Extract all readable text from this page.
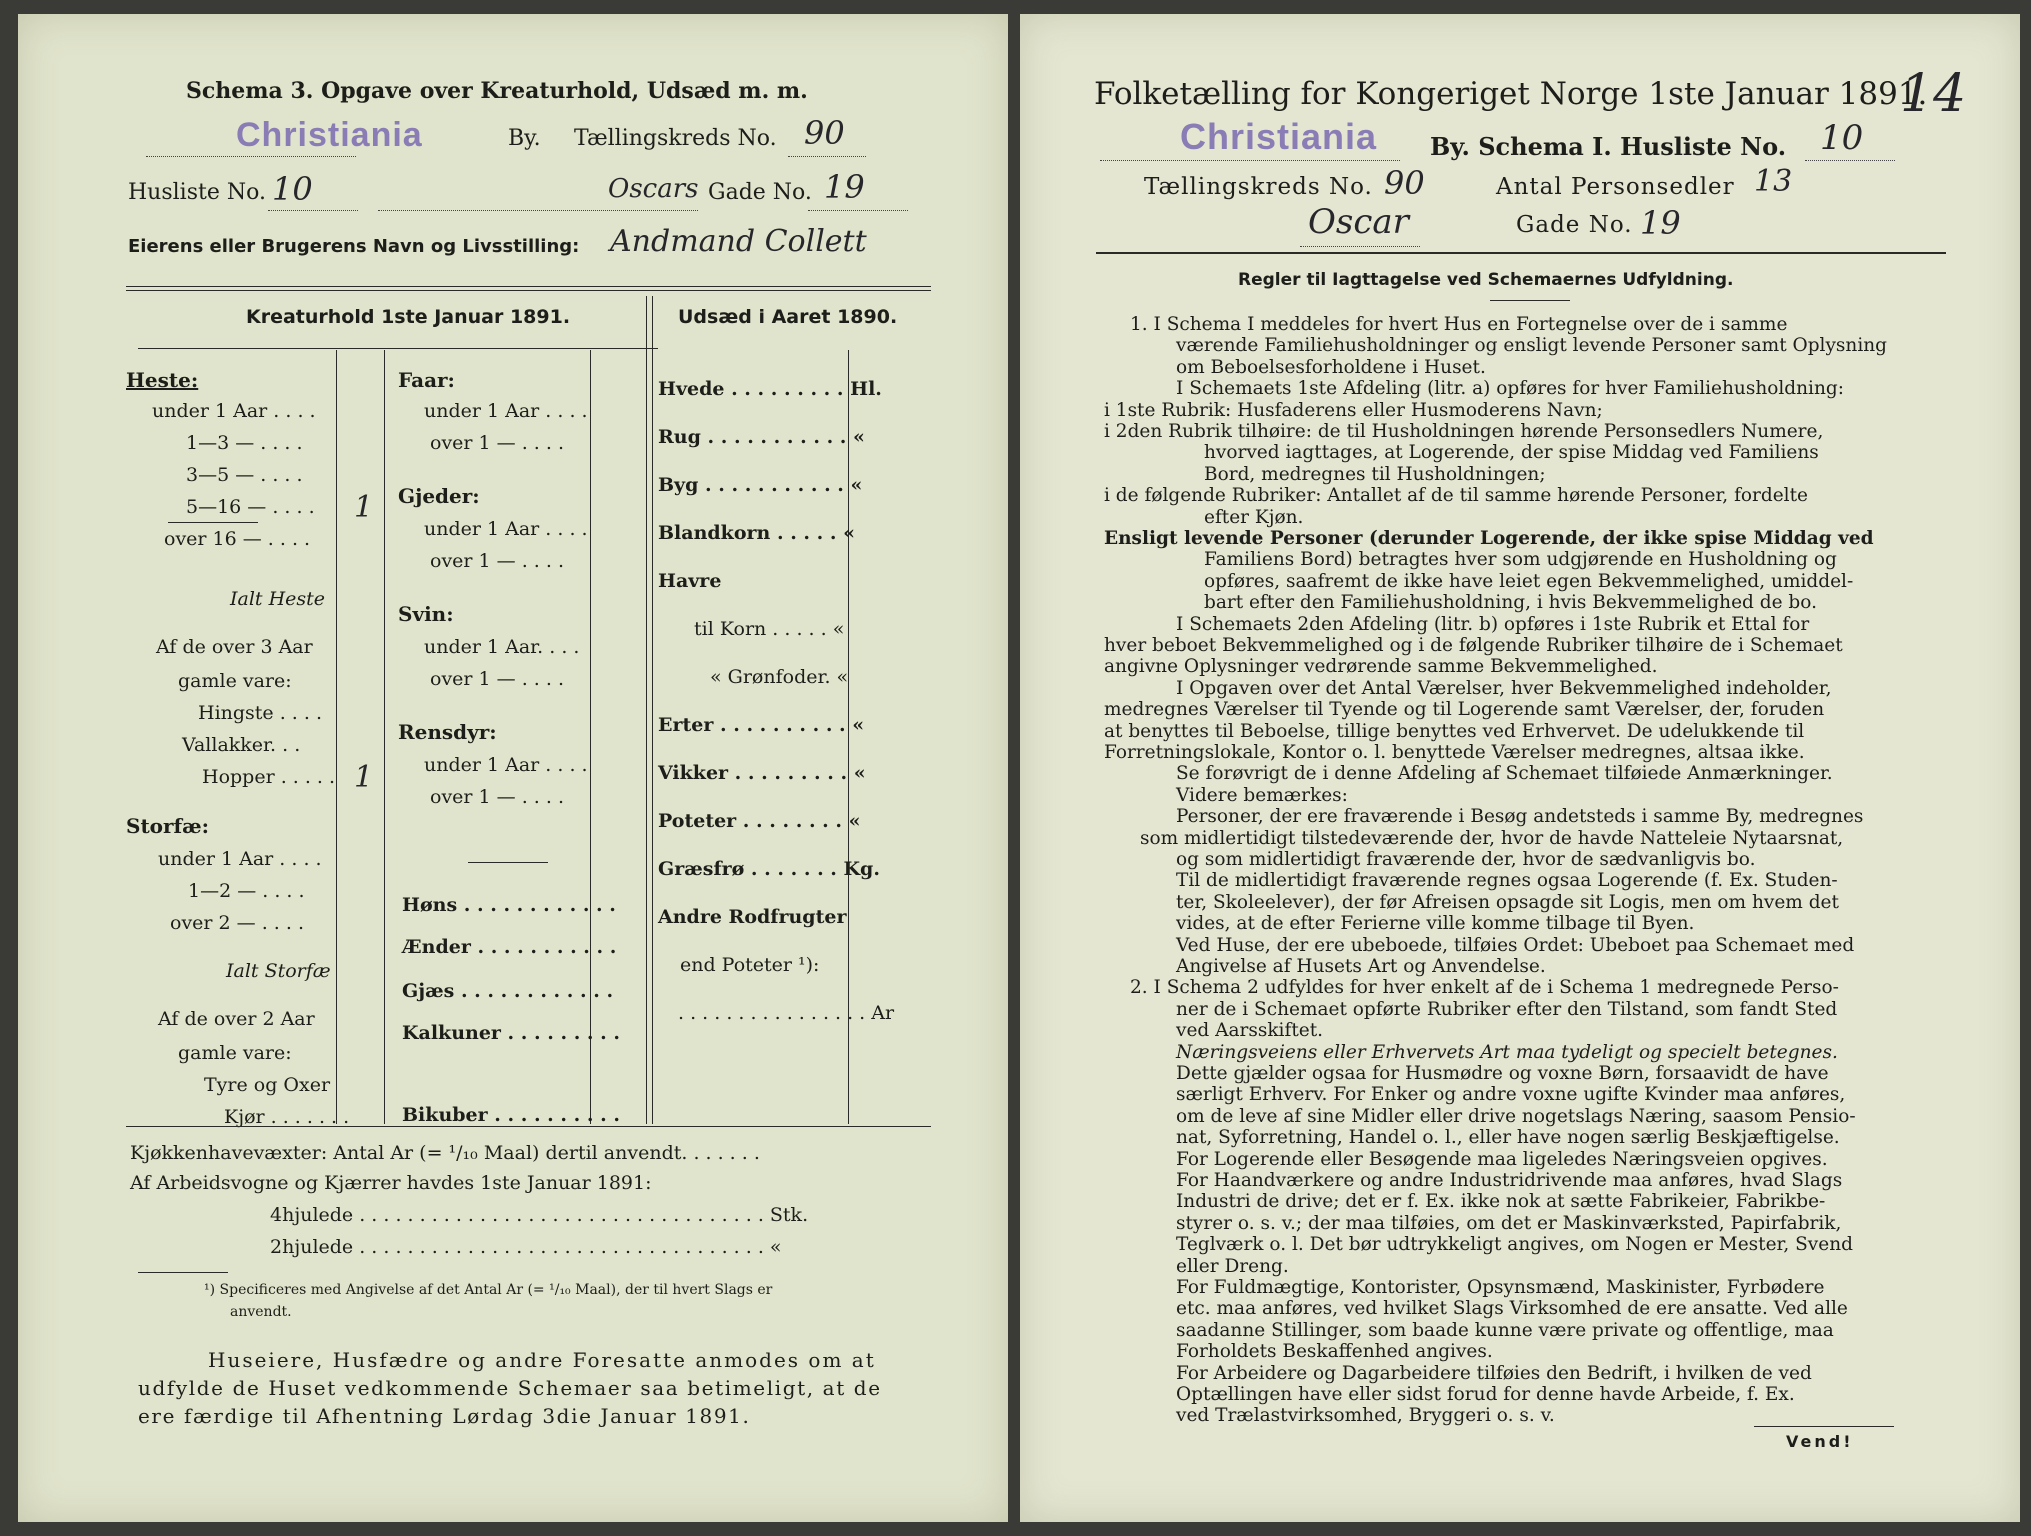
Schema 3. Opgave over Kreaturhold, Udsæd m. m.
Christiania	By. Tællingskreds No. 90
Husliste No. 10	Oscars Gade No. 19
Eierens eller Brugerens Navn og Livsstilling: Andmand Collett
Kreaturhold 1ste Januar 1891.	Udsæd i Aaret 1890.
Heste:
under 1 Aar . . . .
1—3 — . . . .
3—5 — . . . .
5—16 — . . . . 1
over 16 — . . . .
Ialt Heste
Af de over 3 Aar
gamle vare:
Hingste . . . .
Vallakker. . .
Hopper . . . . . 1
Storfæ:
under 1 Aar . . . .
1—2 — . . . .
over 2 — . . . .
Ialt Storfæ
Af de over 2 Aar
gamle vare:
Tyre og Oxer
Kjør . . . . . . .
Faar:
under 1 Aar . . . .
over 1 — . . . .
Gjeder:
under 1 Aar . . . .
over 1 — . . . .
Svin:
under 1 Aar. . . .
over 1 — . . . .
Rensdyr:
under 1 Aar . . . .
over 1 — . . . .
Høns . . . . . . . . . . . .
Ænder . . . . . . . . . . .
Gjæs . . . . . . . . . . . .
Kalkuner . . . . . . . . .
Bikuber . . . . . . . . . .
Hvede . . . . . . . . . Hl.
Rug . . . . . . . . . . . «
Byg . . . . . . . . . . . «
Blandkorn . . . . . «
Havre
til Korn . . . . . «
« Grønfoder. «
Erter . . . . . . . . . . «
Vikker . . . . . . . . . «
Poteter . . . . . . . . «
Græsfrø . . . . . . . Kg.
Andre Rodfrugter
end Poteter ¹):
. . . . . . . . . . . . . . . . Ar
Kjøkkenhavevæxter: Antal Ar (= ¹/₁₀ Maal) dertil anvendt. . . . . . .
Af Arbeidsvogne og Kjærrer havdes 1ste Januar 1891:
4hjulede . . . . . . . . . . . . . . . . . . . . . . . . . . . . . . . . . . Stk.
2hjulede . . . . . . . . . . . . . . . . . . . . . . . . . . . . . . . . . . «
¹) Specificeres med Angivelse af det Antal Ar (= ¹/₁₀ Maal), der til hvert Slags er
anvendt.
Huseiere, Husfædre og andre Foresatte anmodes om at
udfylde de Huset vedkommende Schemaer saa betimeligt, at de
ere færdige til Afhentning Lørdag 3die Januar 1891.
Folketælling for Kongeriget Norge 1ste Januar 1891.
14
Christiania By. Schema I. Husliste No. 10
Tællingskreds No. 90	Antal Personsedler 13
Oscar	Gade No. 19
Regler til Iagttagelse ved Schemaernes Udfyldning.
1. I Schema I meddeles for hvert Hus en Fortegnelse over de i samme
værende Familiehusholdninger og ensligt levende Personer samt Oplysning
om Beboelsesforholdene i Huset.
I Schemaets 1ste Afdeling (litr. a) opføres for hver Familiehusholdning:
i 1ste Rubrik: Husfaderens eller Husmoderens Navn;
i 2den Rubrik tilhøire: de til Husholdningen hørende Personsedlers Numere,
hvorved iagttages, at Logerende, der spise Middag ved Familiens
Bord, medregnes til Husholdningen;
i de følgende Rubriker: Antallet af de til samme hørende Personer, fordelte
efter Kjøn.
Ensligt levende Personer (derunder Logerende, der ikke spise Middag ved
Familiens Bord) betragtes hver som udgjørende en Husholdning og
opføres, saafremt de ikke have leiet egen Bekvemmelighed, umiddel-
bart efter den Familiehusholdning, i hvis Bekvemmelighed de bo.
I Schemaets 2den Afdeling (litr. b) opføres i 1ste Rubrik et Ettal for
hver beboet Bekvemmelighed og i de følgende Rubriker tilhøire de i Schemaet
angivne Oplysninger vedrørende samme Bekvemmelighed.
I Opgaven over det Antal Værelser, hver Bekvemmelighed indeholder,
medregnes Værelser til Tyende og til Logerende samt Værelser, der, foruden
at benyttes til Beboelse, tillige benyttes ved Erhvervet. De udelukkende til
Forretningslokale, Kontor o. l. benyttede Værelser medregnes, altsaa ikke.
Se forøvrigt de i denne Afdeling af Schemaet tilføiede Anmærkninger.
Videre bemærkes:
Personer, der ere fraværende i Besøg andetsteds i samme By, medregnes
som midlertidigt tilstedeværende der, hvor de havde Natteleie Nytaarsnat,
og som midlertidigt fraværende der, hvor de sædvanligvis bo.
Til de midlertidigt fraværende regnes ogsaa Logerende (f. Ex. Studen-
ter, Skoleelever), der før Afreisen opsagde sit Logis, men om hvem det
vides, at de efter Ferierne ville komme tilbage til Byen.
Ved Huse, der ere ubeboede, tilføies Ordet: Ubeboet paa Schemaet med
Angivelse af Husets Art og Anvendelse.
2. I Schema 2 udfyldes for hver enkelt af de i Schema 1 medregnede Perso-
ner de i Schemaet opførte Rubriker efter den Tilstand, som fandt Sted
ved Aarsskiftet.
Næringsveiens eller Erhvervets Art maa tydeligt og specielt betegnes.
Dette gjælder ogsaa for Husmødre og voxne Børn, forsaavidt de have
særligt Erhverv. For Enker og andre voxne ugifte Kvinder maa anføres,
om de leve af sine Midler eller drive nogetslags Næring, saasom Pensio-
nat, Syforretning, Handel o. l., eller have nogen særlig Beskjæftigelse.
For Logerende eller Besøgende maa ligeledes Næringsveien opgives.
For Haandværkere og andre Industridrivende maa anføres, hvad Slags
Industri de drive; det er f. Ex. ikke nok at sætte Fabrikeier, Fabrikbe-
styrer o. s. v.; der maa tilføies, om det er Maskinværksted, Papirfabrik,
Teglværk o. l. Det bør udtrykkeligt angives, om Nogen er Mester, Svend
eller Dreng.
For Fuldmægtige, Kontorister, Opsynsmænd, Maskinister, Fyrbødere
etc. maa anføres, ved hvilket Slags Virksomhed de ere ansatte. Ved alle
saadanne Stillinger, som baade kunne være private og offentlige, maa
Forholdets Beskaffenhed angives.
For Arbeidere og Dagarbeidere tilføies den Bedrift, i hvilken de ved
Optællingen have eller sidst forud for denne havde Arbeide, f. Ex.
ved Trælastvirksomhed, Bryggeri o. s. v.
Vend!
